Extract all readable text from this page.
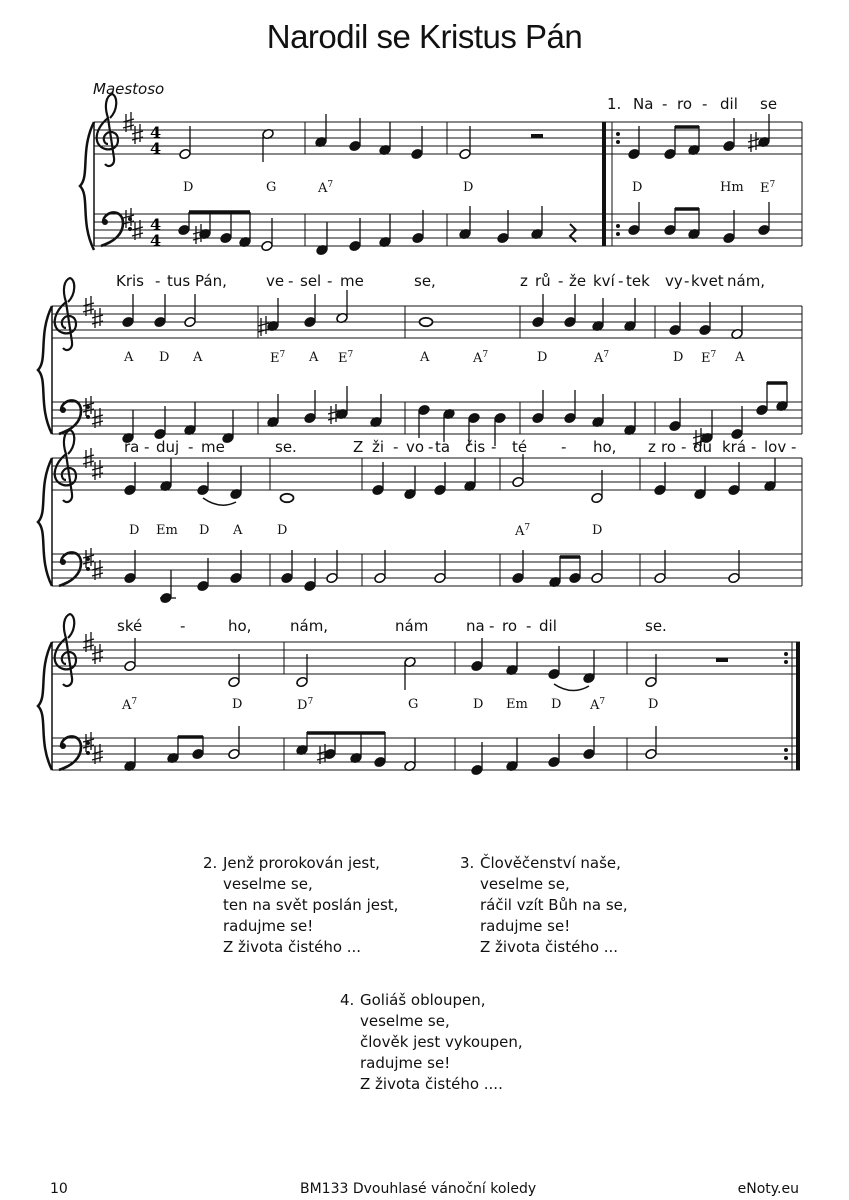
Narodil se Kristus Pán
Maestoso
4
4
4
4
1. Na - ro - dil se
D	G	$A^7$	D	D	Hm $E^7$
Kris - tus Pán,	ve - sel - me	se,	z rů - že kví - tek vy - kvet nám,
A D A	$E^7$ A $E^7$	A	$A^7$	D	$A^7$	D $E^7$ A
ra - duj - me	se.	Z ži - vo - ta čis - té - ho, z ro - du krá - lov -
D Em D A	D	$A^7$	D
ské	-	ho,	nám,	nám	na - ro - dil	se.
$A^7$	D	$D^7$	G	D Em D $A^7$	D
2. Jenž prorokován jest,
veselme se,
ten na svět poslán jest,
radujme se!
Z života čistého ...
3. Člověčenství naše,
veselme se,
ráčil vzít Bůh na se,
radujme se!
Z života čistého ...
4. Goliáš obloupen,
veselme se,
člověk jest vykoupen,
radujme se!
Z života čistého ....
10	BM133 Dvouhlasé vánoční koledy	eNoty.eu
